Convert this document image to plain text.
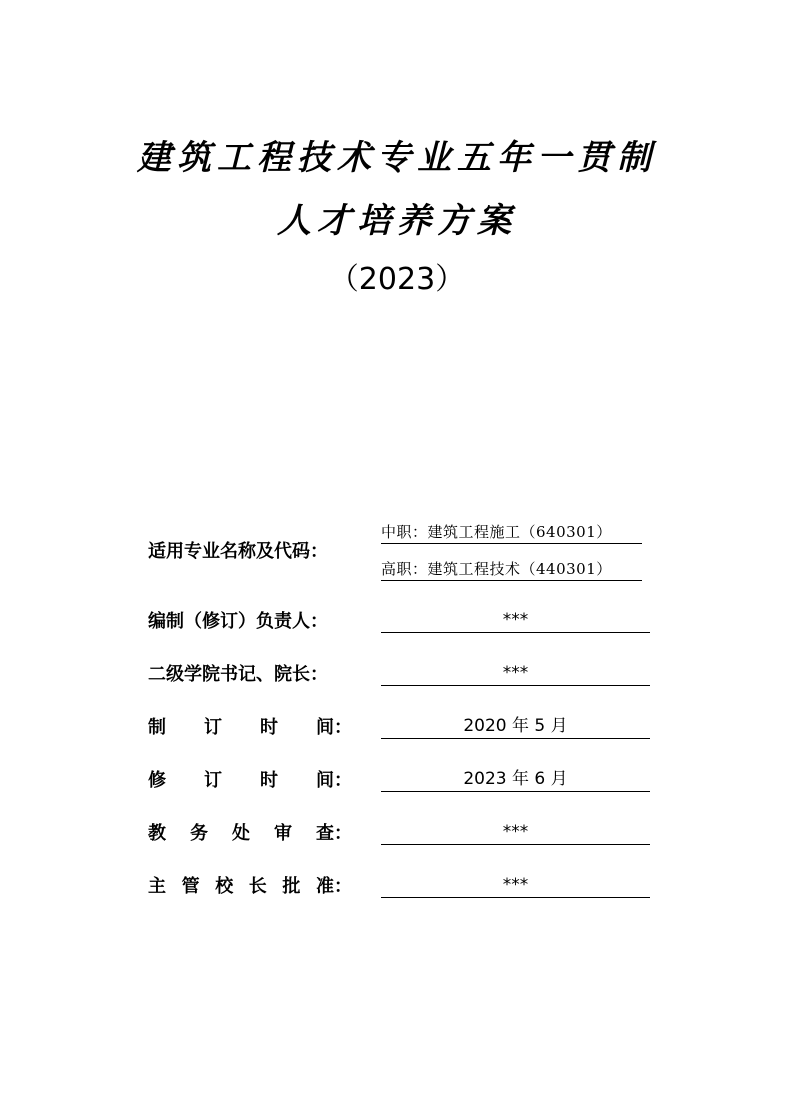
建筑工程技术专业五年一贯制
人才培养方案
（2023）
适用专业名称及代码：
中职：建筑工程施工（640301）
高职：建筑工程技术（440301）
编制（修订）负责人：	***
二级学院书记、院长：	***
制 订 时 间：	2020 年 5 月
修 订 时 间：	2023 年 6 月
教 务 处 审 查：	***
主 管 校 长 批 准：	***
